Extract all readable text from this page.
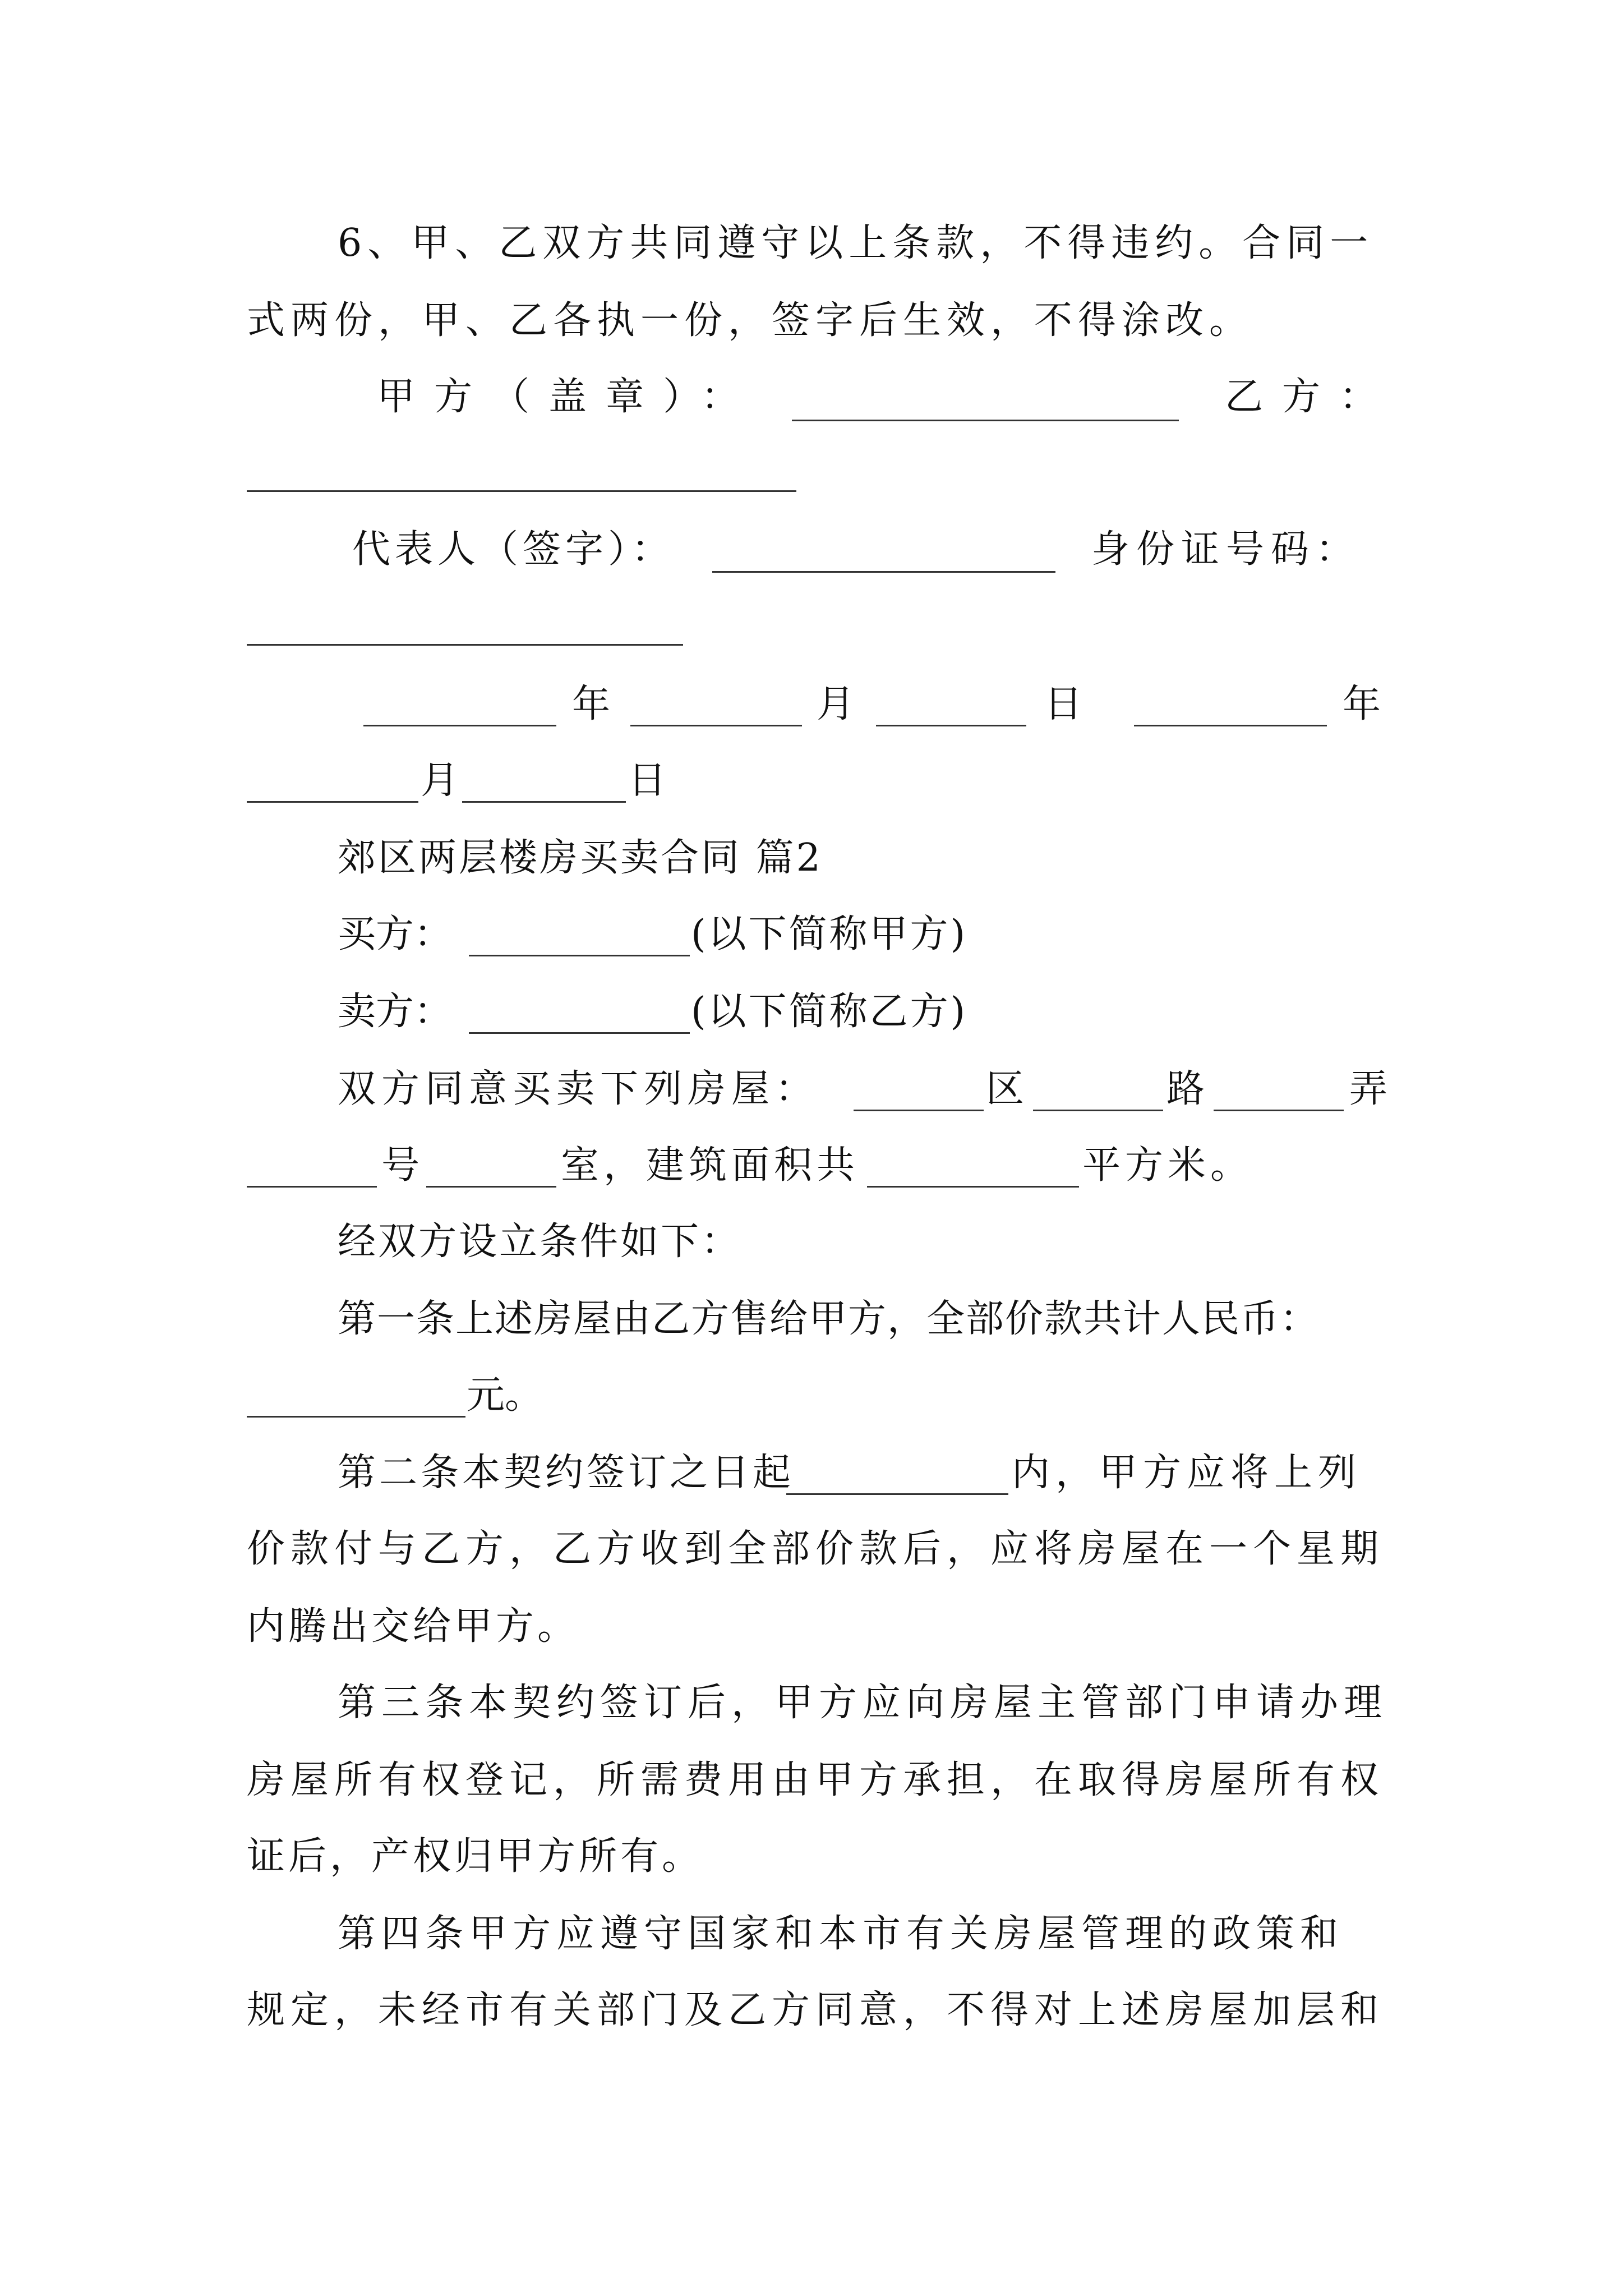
6、甲、乙双方共同遵守以上条款，不得违约。合同一
式两份，甲、乙各执一份，签字后生效，不得涂改。
甲方（盖章）：	乙方：
代表人（签字）：	身份证号码：
年	月	日	年
月	日
郊区两层楼房买卖合同 篇2
买方：	(以下简称甲方)
卖方：	(以下简称乙方)
双方同意买卖下列房屋：	区	路	弄
号	室，建筑面积共	平方米。
经双方设立条件如下：
第一条上述房屋由乙方售给甲方，全部价款共计人民币：
元。
第二条本契约签订之日起	内，甲方应将上列
价款付与乙方，乙方收到全部价款后，应将房屋在一个星期
内腾出交给甲方。
第三条本契约签订后，甲方应向房屋主管部门申请办理
房屋所有权登记，所需费用由甲方承担，在取得房屋所有权
证后，产权归甲方所有。
第四条甲方应遵守国家和本市有关房屋管理的政策和
规定，未经市有关部门及乙方同意，不得对上述房屋加层和
